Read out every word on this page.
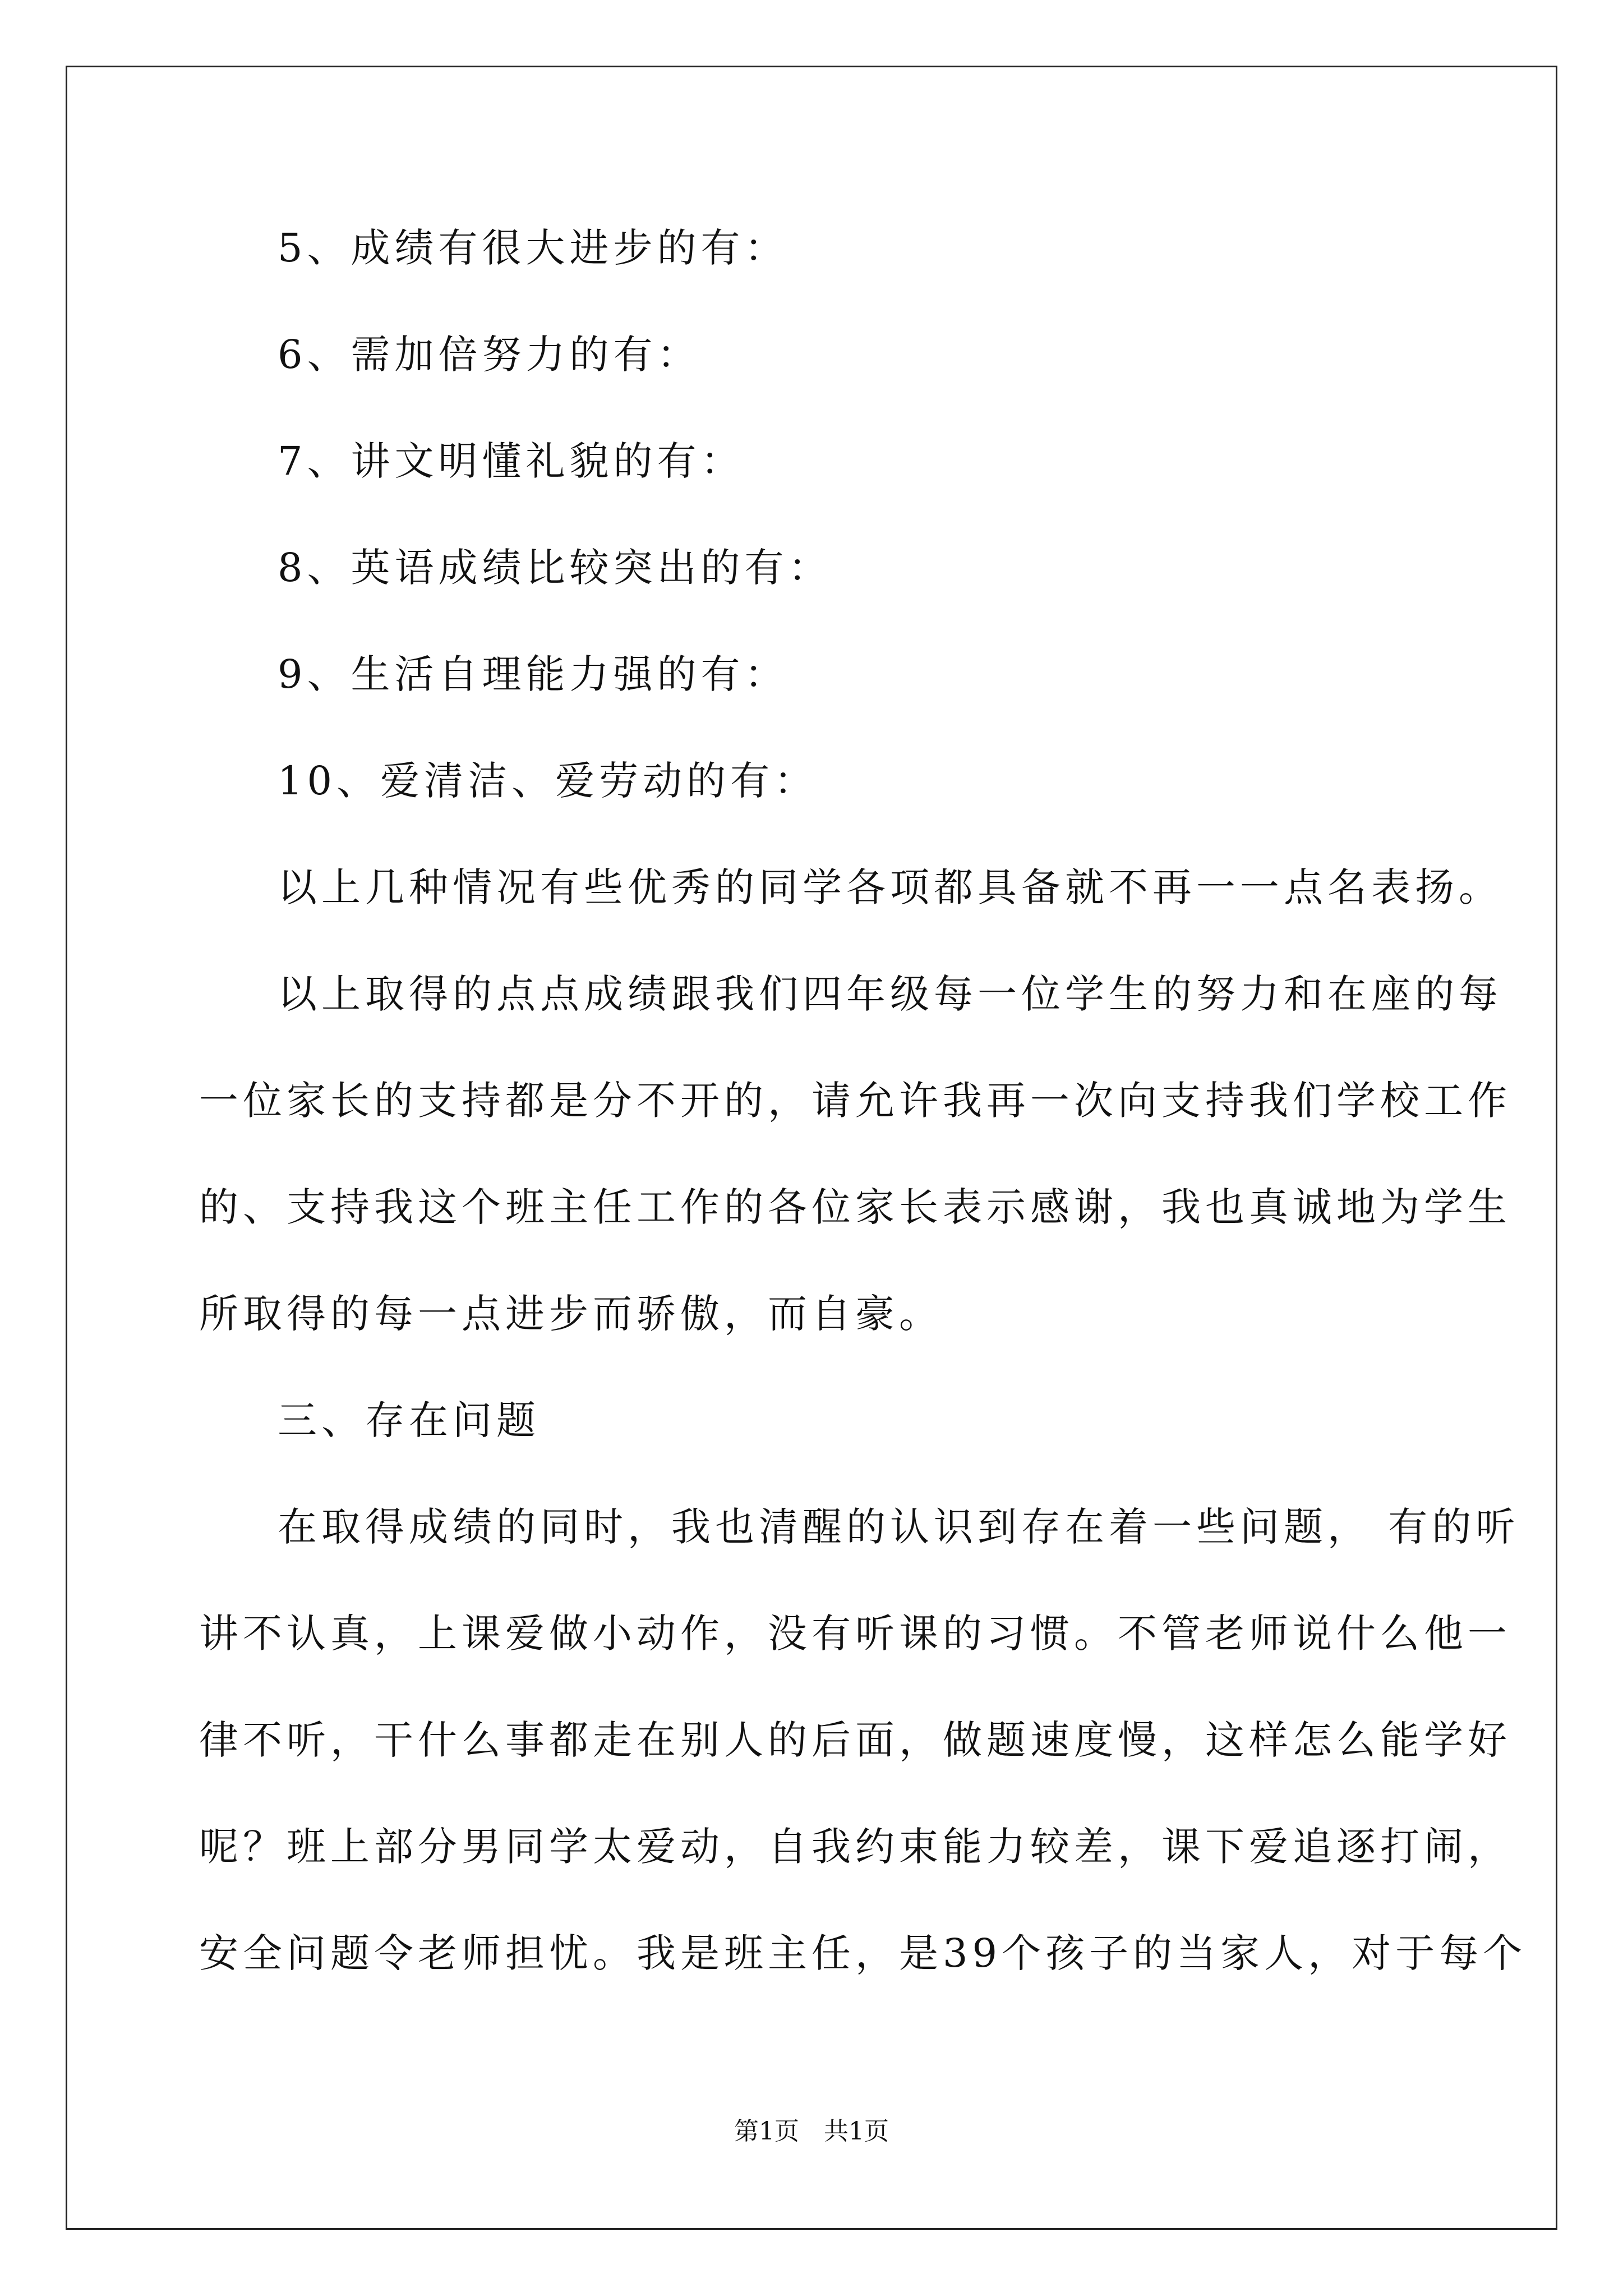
5、成绩有很大进步的有：
6、需加倍努力的有：
7、讲文明懂礼貌的有：
8、英语成绩比较突出的有：
9、生活自理能力强的有：
10、爱清洁、爱劳动的有：
以上几种情况有些优秀的同学各项都具备就不再一一点名表扬。
以上取得的点点成绩跟我们四年级每一位学生的努力和在座的每
一位家长的支持都是分不开的，请允许我再一次向支持我们学校工作
的、支持我这个班主任工作的各位家长表示感谢，我也真诚地为学生
所取得的每一点进步而骄傲，而自豪。
三、存在问题
在取得成绩的同时，我也清醒的认识到存在着一些问题， 有的听
讲不认真，上课爱做小动作，没有听课的习惯。不管老师说什么他一
律不听，干什么事都走在别人的后面，做题速度慢，这样怎么能学好
呢？班上部分男同学太爱动，自我约束能力较差，课下爱追逐打闹，
安全问题令老师担忧。我是班主任，是39个孩子的当家人，对于每个
第1页　共1页
